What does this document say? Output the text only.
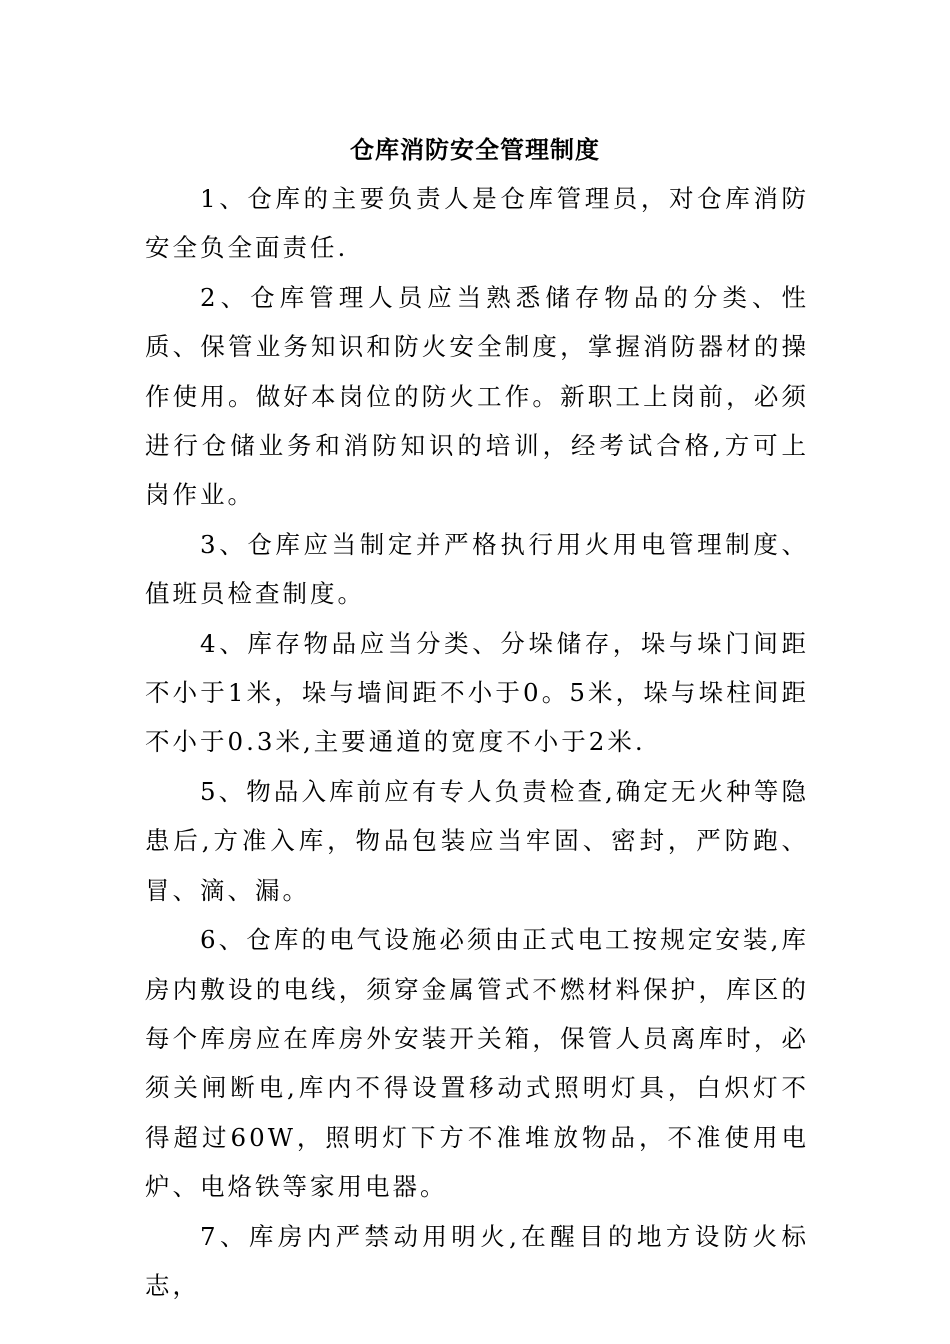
仓库消防安全管理制度

1、仓库的主要负责人是仓库管理员，对仓库消防安全负全面责任.

2、仓库管理人员应当熟悉储存物品的分类、性质、保管业务知识和防火安全制度，掌握消防器材的操作使用。做好本岗位的防火工作。新职工上岗前，必须进行仓储业务和消防知识的培训，经考试合格,方可上岗作业。

3、仓库应当制定并严格执行用火用电管理制度、值班员检查制度。

4、库存物品应当分类、分垛储存，垛与垛门间距不小于1米，垛与墙间距不小于0。5米，垛与垛柱间距不小于0.3米,主要通道的宽度不小于2米.

5、物品入库前应有专人负责检查,确定无火种等隐患后,方准入库，物品包装应当牢固、密封，严防跑、冒、滴、漏。

6、仓库的电气设施必须由正式电工按规定安装,库房内敷设的电线，须穿金属管式不燃材料保护，库区的每个库房应在库房外安装开关箱，保管人员离库时，必须关闸断电,库内不得设置移动式照明灯具，白炽灯不得超过60W，照明灯下方不准堆放物品，不准使用电炉、电烙铁等家用电器。

7、库房内严禁动用明火,在醒目的地方设防火标志，
